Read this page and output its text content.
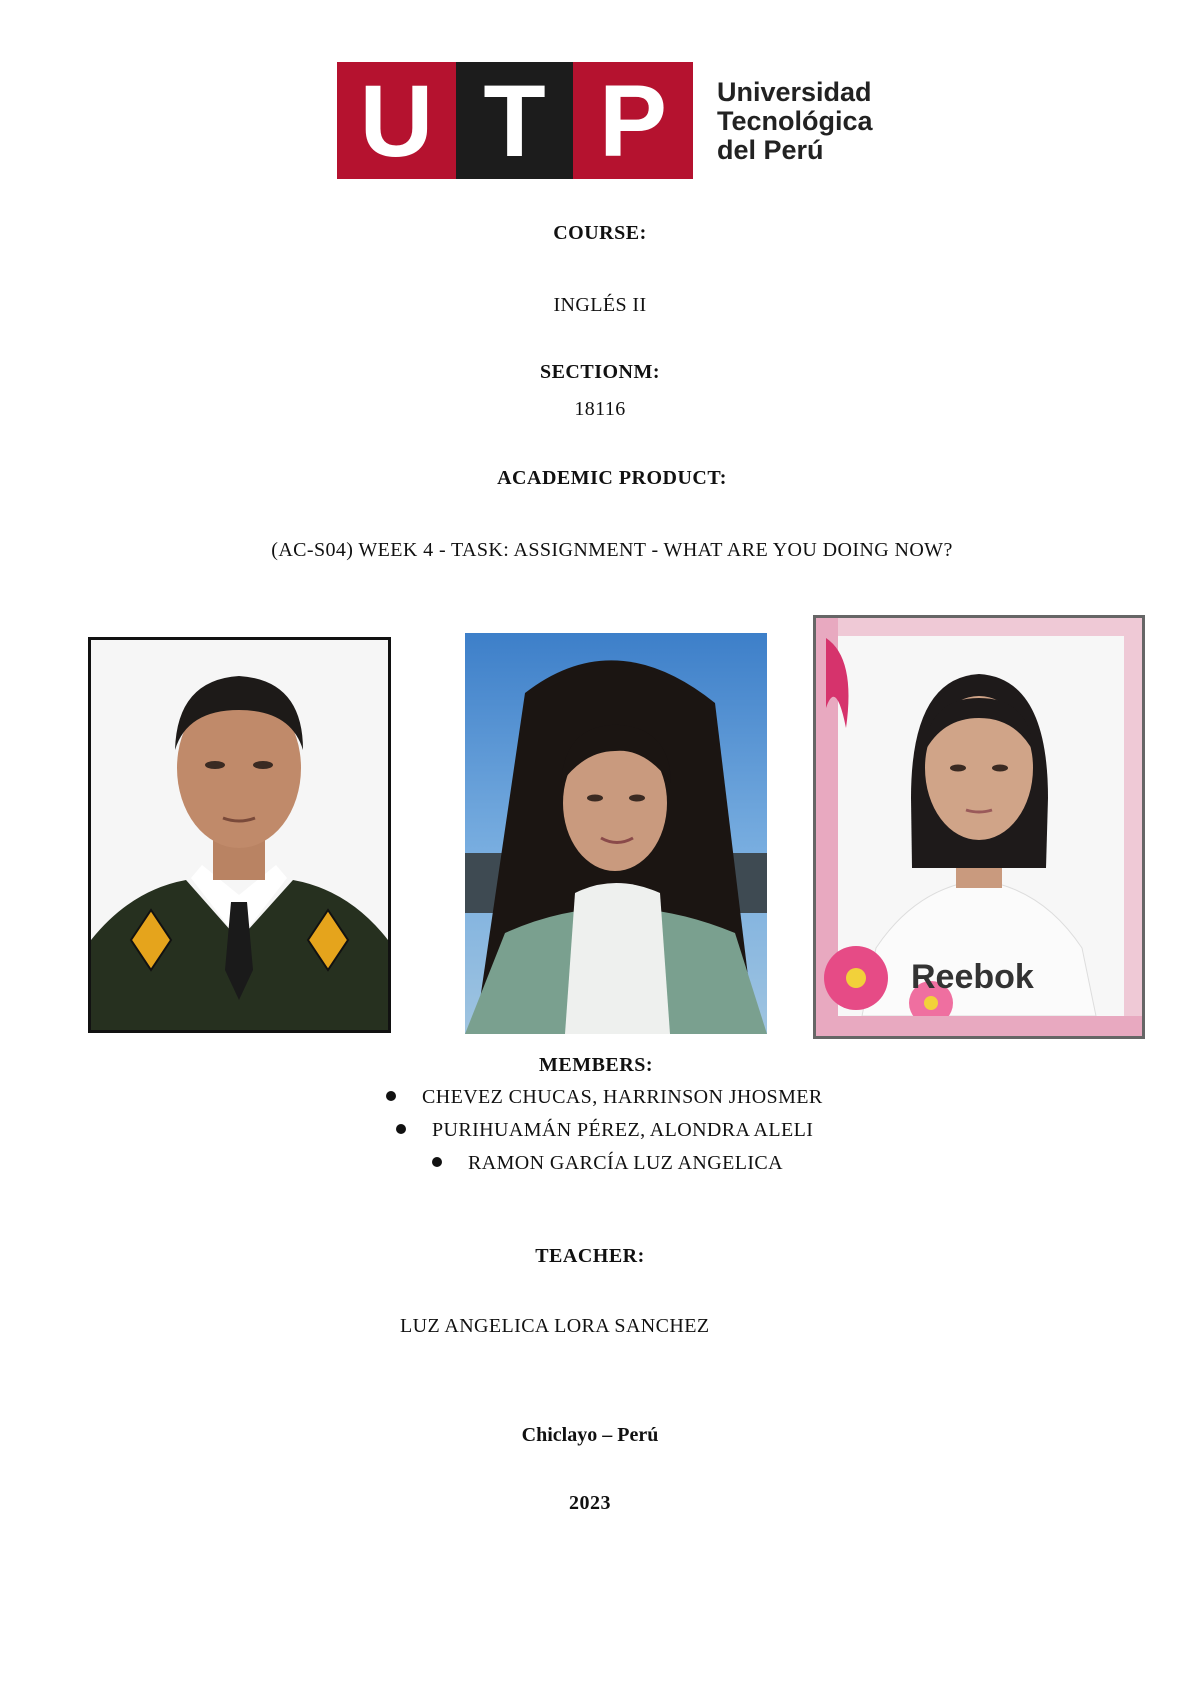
U T P	Universidad
Tecnológica
del Perú
COURSE:
INGLÉS II
SECTIONM:
18116
ACADEMIC PRODUCT:
(AC-S04) WEEK 4 - TASK: ASSIGNMENT - WHAT ARE YOU DOING NOW?
Reebok
MEMBERS:
CHEVEZ CHUCAS, HARRINSON JHOSMER
PURIHUAMÁN PÉREZ, ALONDRA ALELI
RAMON GARCÍA LUZ ANGELICA
TEACHER:
LUZ ANGELICA LORA SANCHEZ
Chiclayo – Perú
2023
